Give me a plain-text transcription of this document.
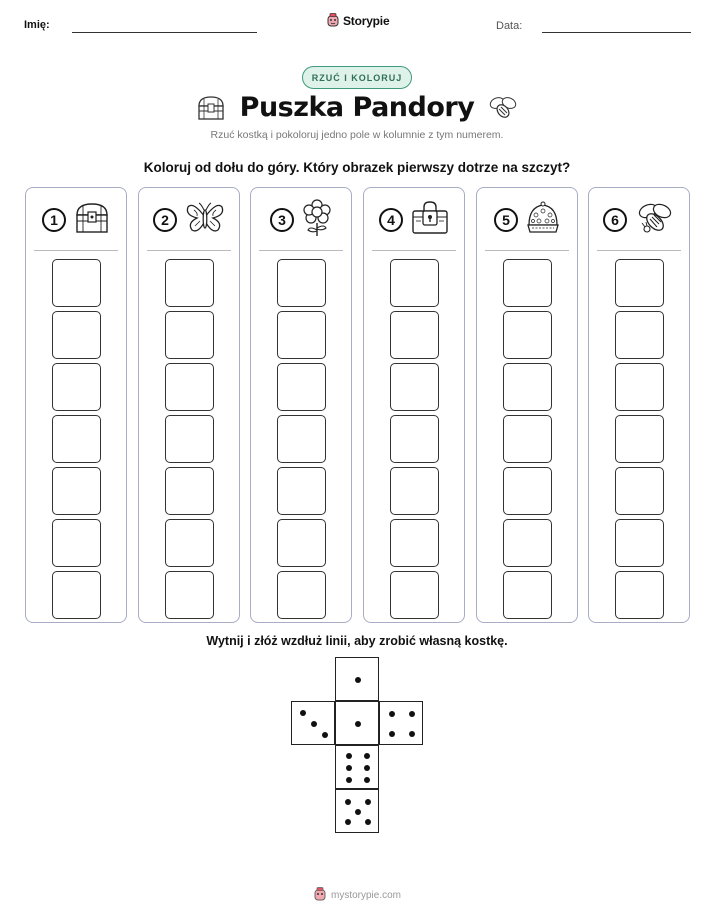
Imię:	Storypie	Data:
RZUĆ I KOLORUJ
Puszka Pandory
Rzuć kostką i pokoloruj jedno pole w kolumnie z tym numerem.
Koloruj od dołu do góry. Który obrazek pierwszy dotrze na szczyt?
1	2	3	4	5	6
Wytnij i złóż wzdłuż linii, aby zrobić własną kostkę.
mystorypie.com
